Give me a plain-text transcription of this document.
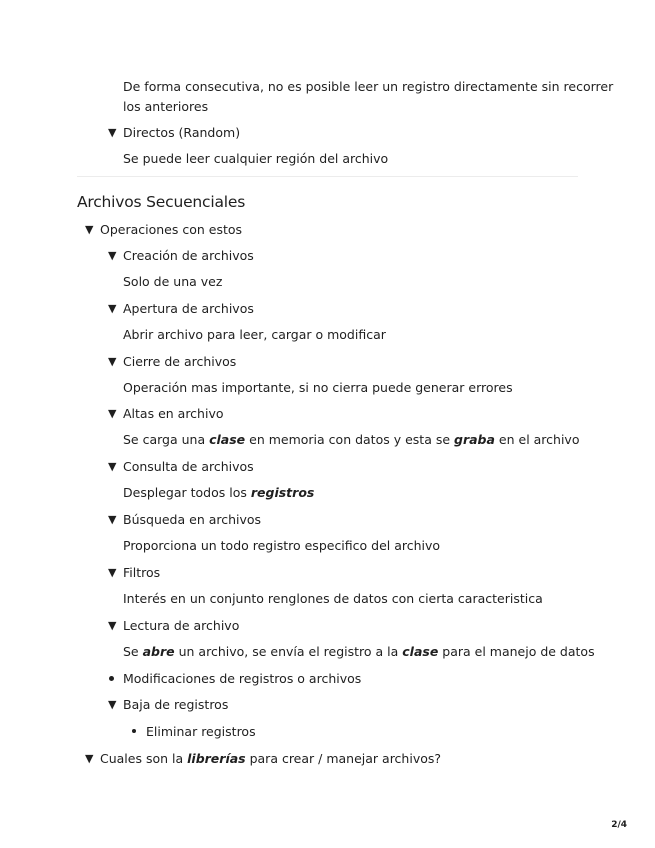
De forma consecutiva, no es posible leer un registro directamente sin recorrer
los anteriores
▼ Directos (Random)
Se puede leer cualquier región del archivo
Archivos Secuenciales
▼ Operaciones con estos
▼ Creación de archivos
Solo de una vez
▼ Apertura de archivos
Abrir archivo para leer, cargar o modificar
▼ Cierre de archivos
Operación mas importante, si no cierra puede generar errores
▼ Altas en archivo
Se carga una clase en memoria con datos y esta se graba en el archivo
▼ Consulta de archivos
Desplegar todos los registros
▼ Búsqueda en archivos
Proporciona un todo registro especifico del archivo
▼ Filtros
Interés en un conjunto renglones de datos con cierta caracteristica
▼ Lectura de archivo
Se abre un archivo, se envía el registro a la clase para el manejo de datos
Modificaciones de registros o archivos
▼ Baja de registros
Eliminar registros
▼ Cuales son la librerías para crear / manejar archivos?
2/4
